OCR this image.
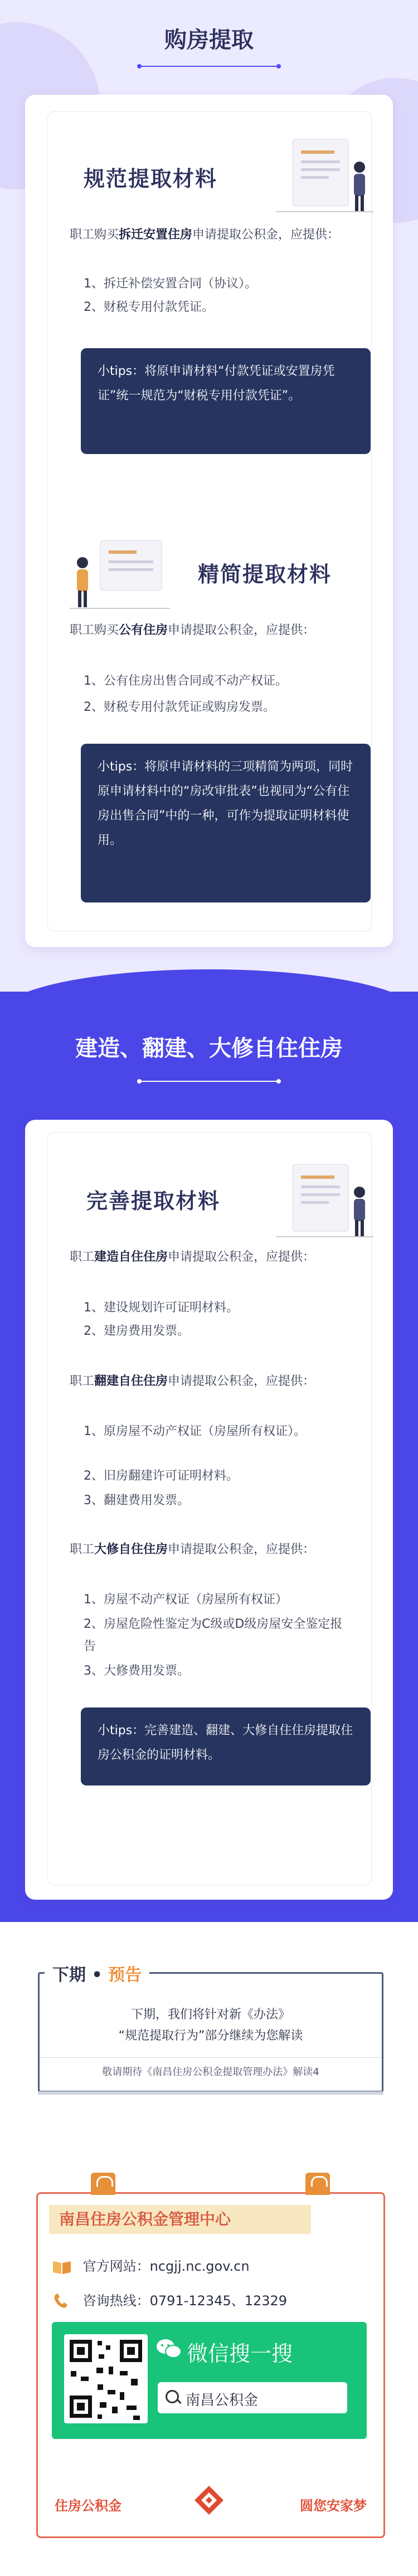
购房提取
规范提取材料
职工购买拆迁安置住房申请提取公积金，应提供：
1、拆迁补偿安置合同（协议）。
2、财税专用付款凭证。
小tips：将原申请材料“付款凭证或安置房凭证”统一规范为“财税专用付款凭证”。
精简提取材料
职工购买公有住房申请提取公积金，应提供：
1、公有住房出售合同或不动产权证。
2、财税专用付款凭证或购房发票。
小tips：将原申请材料的三项精简为两项，同时原申请材料中的“房改审批表”也视同为“公有住房出售合同”中的一种，可作为提取证明材料使用。
建造、翻建、大修自住住房
完善提取材料
职工建造自住住房申请提取公积金，应提供：
1、建设规划许可证明材料。
2、建房费用发票。
职工翻建自住住房申请提取公积金，应提供：
1、原房屋不动产权证（房屋所有权证）。
2、旧房翻建许可证明材料。
3、翻建费用发票。
职工大修自住住房申请提取公积金，应提供：
1、房屋不动产权证（房屋所有权证）
2、房屋危险性鉴定为C级或D级房屋安全鉴定报告
3、大修费用发票。
小tips：完善建造、翻建、大修自住住房提取住房公积金的证明材料。
下期，我们将针对新《办法》
“规范提取行为”部分继续为您解读
敬请期待《南昌住房公积金提取管理办法》解读4
下期 • 预告
南昌住房公积金管理中心
官方网站：ncgjj.nc.gov.cn
咨询热线：0791-12345、12329
微信搜一搜
南昌公积金
住房公积金	圆您安家梦
